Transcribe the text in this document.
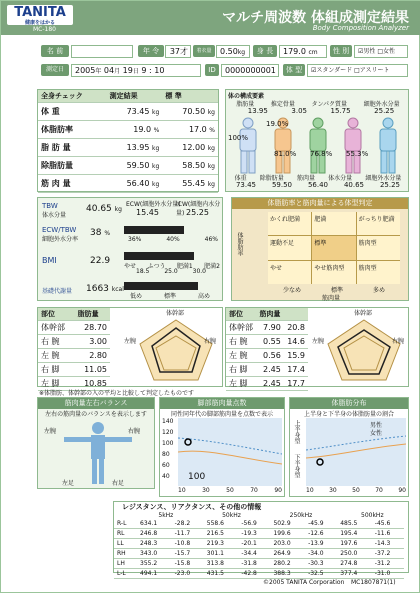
TANITA
健康をはかる
MC-180
マルチ周波数 体組成測定結果
Body Composition Analyzer
名 前	年 令	37才	着衣量	0.50kg	身 長	179.0 cm	性 別	☑男性 □女性
測定日	2005年 04月 19日 9 : 10	ID	0000000001	体 型	☑スタンダード □アスリート
全身チェック	測定結果	標 準
体 重	73.45 kg	70.50 kg
体脂肪率	19.0 %	17.0 %
脂 肪 量	13.95 kg	12.00 kg
除脂肪量	59.50 kg	58.50 kg
筋 肉 量	56.40 kg	55.45 kg
体の構成要素
脂肪量	推定骨量	タンパク質量	細胞外水分量
13.95	3.05	15.75	25.25
100%
19.0%
81.0% 76.8% 55.3%
体重 除脂肪量 筋肉量 体水分量 細胞外水分量
73.45 59.50 56.40 40.65 25.25
TBW
体水分量
40.65 kg
ECW(細胞外水分量)
ICW(細胞内水分量)
15.45	25.25
ECW/TBW
細胞外水分率
38 %
36%	40%	46%
BMI	22.9
やせ ふつう 肥満1 肥満2
18.5 25.0 30.0
基礎代謝量 1663 kcal
低め	標準	高め
体脂肪率と筋肉量による体型判定
体脂肪率
かくれ肥満	肥満	がっちり肥満
運動不足	標準	筋肉型
やせ	やせ筋肉型	筋肉型
少なめ	標準	多め
筋肉量
部位	脂肪量
体幹部	28.70
右 腕	3.00
左 腕	2.80
右 脚	11.05
左 脚	10.85
体幹部
左腕	右腕
部位	筋肉量	
体幹部	7.90	20.8
右 腕	0.55	14.6
左 腕	0.56	15.9
右 脚	2.45	17.4
左 脚	2.45	17.7
体幹部
左腕	右腕
※体脂肪、体幹部の入の平均と比較して判定したものです
筋肉量左右バランス
左右の筋肉量のバランスを表示します
左腕	右腕
左足	右足
脚部筋肉量点数
同性同年代の脚部筋肉量を点数で表示
140
120
100
80
60
40	100
10	30	50	70	90
体脂肪分布
上半身と下半身の体脂肪量の割合
上半身型
下半身型
男性
女性
10	30	50	70	90
レジスタンス、リアクタンス、その他の情報
5kHz	50kHz	250kHz	500kHz
R-L	634.1	-28.2	558.6	-56.9	502.9	-45.9	485.5	-45.6
RL	246.8	-11.7	216.5	-19.3	199.6	-12.6	195.4	-11.6
LL	248.3	-10.8	219.3	-20.1	203.0	-13.9	197.6	-14.3
RH	343.0	-15.7	301.1	-34.4	264.9	-34.0	250.0	-37.2
LH	355.2	-15.8	313.8	-31.8	280.2	-30.3	274.8	-31.2
L-L	494.1	-23.0	431.5	-42.8	388.3	-32.5	377.4	-31.0
©2005 TANITA Corporation MC1807871(1)
